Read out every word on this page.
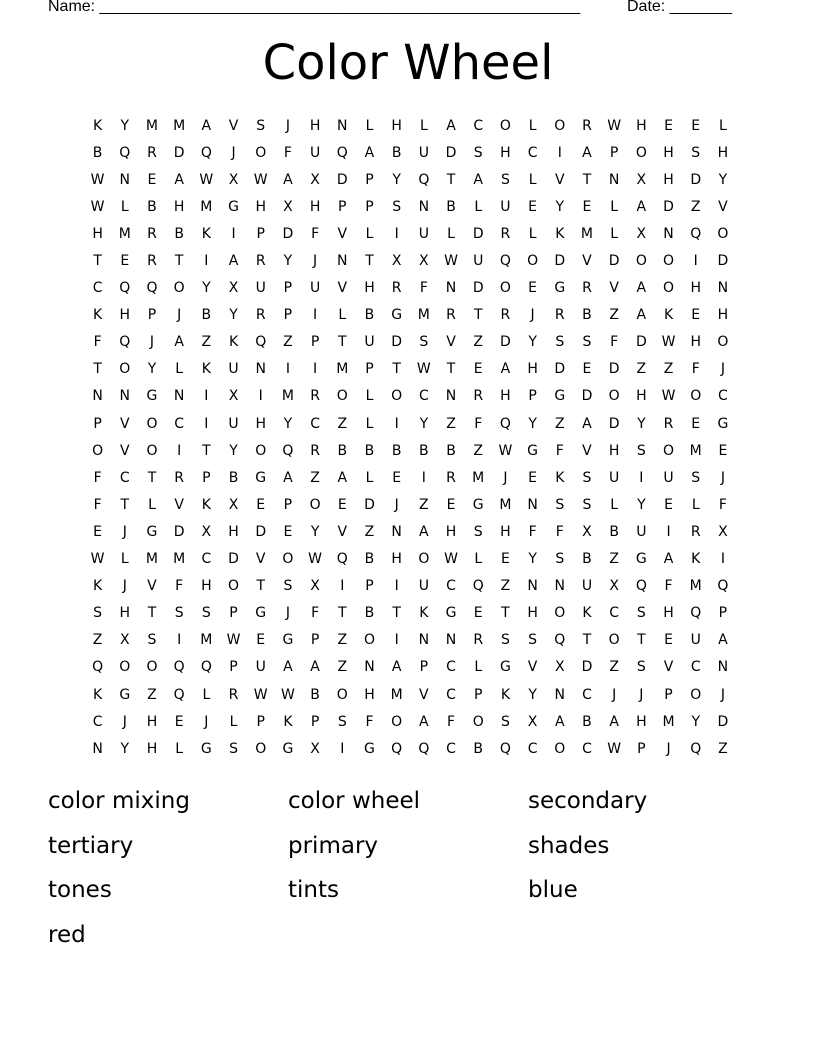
Name: ______________________________________________________	Date: _______
Color Wheel
K	Y	M	M	A	V	S	J	H	N	L	H	L	A	C	O	L	O	R	W	H	E	E	L
B	Q	R	D	Q	J	O	F	U	Q	A	B	U	D	S	H	C	I	A	P	O	H	S	H
W	N	E	A	W	X	W	A	X	D	P	Y	Q	T	A	S	L	V	T	N	X	H	D	Y
W	L	B	H	M	G	H	X	H	P	P	S	N	B	L	U	E	Y	E	L	A	D	Z	V
H	M	R	B	K	I	P	D	F	V	L	I	U	L	D	R	L	K	M	L	X	N	Q	O
T	E	R	T	I	A	R	Y	J	N	T	X	X	W	U	Q	O	D	V	D	O	O	I	D
C	Q	Q	O	Y	X	U	P	U	V	H	R	F	N	D	O	E	G	R	V	A	O	H	N
K	H	P	J	B	Y	R	P	I	L	B	G	M	R	T	R	J	R	B	Z	A	K	E	H
F	Q	J	A	Z	K	Q	Z	P	T	U	D	S	V	Z	D	Y	S	S	F	D	W	H	O
T	O	Y	L	K	U	N	I	I	M	P	T	W	T	E	A	H	D	E	D	Z	Z	F	J
N	N	G	N	I	X	I	M	R	O	L	O	C	N	R	H	P	G	D	O	H	W	O	C
P	V	O	C	I	U	H	Y	C	Z	L	I	Y	Z	F	Q	Y	Z	A	D	Y	R	E	G
O	V	O	I	T	Y	O	Q	R	B	B	B	B	B	Z	W	G	F	V	H	S	O	M	E
F	C	T	R	P	B	G	A	Z	A	L	E	I	R	M	J	E	K	S	U	I	U	S	J
F	T	L	V	K	X	E	P	O	E	D	J	Z	E	G	M	N	S	S	L	Y	E	L	F
E	J	G	D	X	H	D	E	Y	V	Z	N	A	H	S	H	F	F	X	B	U	I	R	X
W	L	M	M	C	D	V	O	W	Q	B	H	O	W	L	E	Y	S	B	Z	G	A	K	I
K	J	V	F	H	O	T	S	X	I	P	I	U	C	Q	Z	N	N	U	X	Q	F	M	Q
S	H	T	S	S	P	G	J	F	T	B	T	K	G	E	T	H	O	K	C	S	H	Q	P
Z	X	S	I	M	W	E	G	P	Z	O	I	N	N	R	S	S	Q	T	O	T	E	U	A
Q	O	O	Q	Q	P	U	A	A	Z	N	A	P	C	L	G	V	X	D	Z	S	V	C	N
K	G	Z	Q	L	R	W W	B	O	H	M	V	C	P	K	Y	N	C	J	J	P	O	J
C	J	H	E	J	L	P	K	P	S	F	O	A	F	O	S	X	A	B	A	H	M	Y	D
N	Y	H	L	G	S	O	G	X	I	G	Q	Q	C	B	Q	C	O	C	W	P	J	Q	Z
color mixing	color wheel	secondary
tertiary	primary	shades
tones	tints	blue
red
